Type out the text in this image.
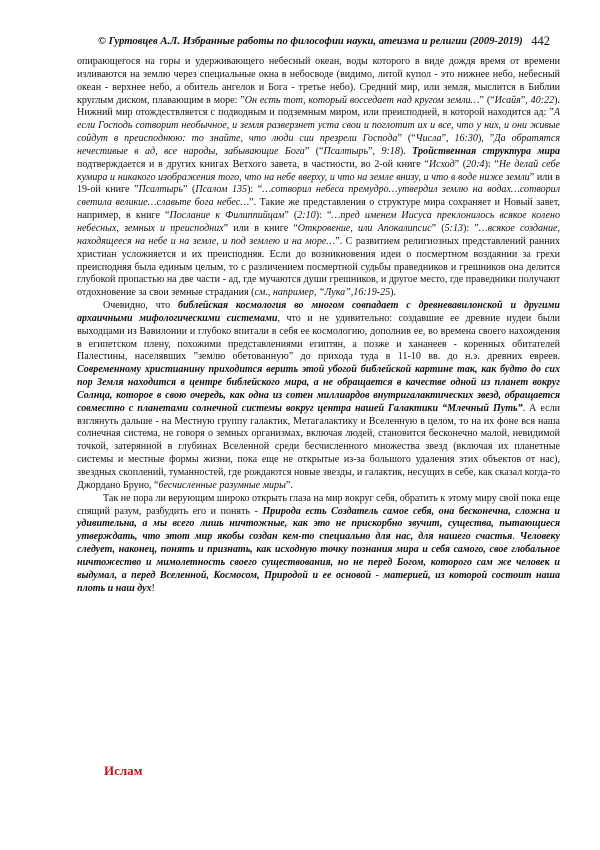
© Гуртовцев А.Л. Избранные работы по философии науки, атеизма и религии (2009-2019) 442

опирающегося на горы и удерживающего небесный океан, воды которого в виде дождя время от времени изливаются на землю через специальные окна в небосводе (видимо, литой купол - это нижнее небо, небесный океан - верхнее небо, а обитель ангелов и Бога - третье небо). Средний мир, или земля, мыслится в Библии круглым диском, плавающим в море: ”Он есть тот, который восседает над кругом земли…” (“Исайя”, 40:22). Нижний мир отождествляется с подводным и подземным миром, или преисподней, в которой находится ад: ”А если Господь сотворит необычное, и земля разверзнет уста свои и поглотит их и все, что у них, и они живые сойдут в преисподнюю: то знайте, что люди сии презрели Господа” (“Числа”, 16:30), ”Да обратятся нечестивые в ад, все народы, забывающие Бога” (“Псалтырь”, 9:18). Тройственная структура мира подтверждается и в других книгах Ветхого завета, в частности, во 2-ой книге “Исход” (20:4): “Не делай себе кумира и никакого изображения того, что на небе вверху, и что на земле внизу, и что в воде ниже земли” или в 19-ой книге ”Псалтырь” (Псалом 135): “…сотворил небеса премудро…утвердил землю на водах…сотворил светила великие…славьте бога небес…”. Такие же представления о структуре мира сохраняет и Новый завет, например, в книге “Послание к Филиппийцам” (2:10): “…пред именем Иисуса преклонилось всякое колено небесных, земных и преисподних” или в книге “Откровение, или Апокалипсис” (5:13): ”…всякое создание, находящееся на небе и на земле, и под землею и на море…”. С развитием религиозных представлений ранних христиан усложняется и их преисподняя. Если до возникновения идеи о посмертном воздаянии за грехи преисподняя была единым целым, то с различением посмертной судьбы праведников и грешников она делится глубокой пропастью на две части - ад, где мучаются души грешников, и другое место, где праведники получают отдохновение за свои земные страдания (см., например, “Лука”,16:19-25).

Очевидно, что библейская космология во многом совпадает с древневавилонской и другими архаичными мифологическими системами, что и не удивительно: создавшие ее древние иудеи были выходцами из Вавилонии и глубоко впитали в себя ее космологию, дополнив ее, во времена своего нахождения в египетском плену, похожими представлениями египтян, а позже и хананеев - коренных обитателей Палестины, населявших ”землю обетованную” до прихода туда в 11-10 вв. до н.э. древних евреев. Современному христианину приходится верить этой убогой библейской картине так, как будто до сих пор Земля находится в центре библейского мира, а не обращается в качестве одной из планет вокруг Солнца, которое в свою очередь, как одна из сотен миллиардов внутригалактических звезд, обращается совместно с планетами солнечной системы вокруг центра нашей Галактики “Млечный Путь”. А если взглянуть дальше - на Местную группу галактик, Метагалактику и Вселенную в целом, то на их фоне вся наша солнечная система, не говоря о земных организмах, включая людей, становится бесконечно малой, невидимой точкой, затерянной в глубинах Вселенной среди бесчисленного множества звезд (включая их планетные системы и местные формы жизни, пока еще не открытые из-за большого удаления этих объектов от нас), звездных скоплений, туманностей, где рождаются новые звезды, и галактик, несущих в себе, как сказал когда-то Джордано Бруно, “бесчисленные разумные миры”.

Так не пора ли верующим широко открыть глаза на мир вокруг себя, обратить к этому миру свой пока еще спящий разум, разбудить его и понять - Природа есть Создатель самое себя, она бесконечна, сложна и удивительна, а мы всего лишь ничтожные, как это не прискорбно звучит, существа, пытающиеся утверждать, что этот мир якобы создан кем-то специально для нас, для нашего счастья. Человеку следует, наконец, понять и признать, как исходную точку познания мира и себя самого, свое глобальное ничтожество и мимолетность своего существования, но не перед Богом, которого сам же человек и выдумал, а перед Вселенной, Космосом, Природой и ее основой - материей, из которой состоит наша плоть и наш дух!

Ислам
